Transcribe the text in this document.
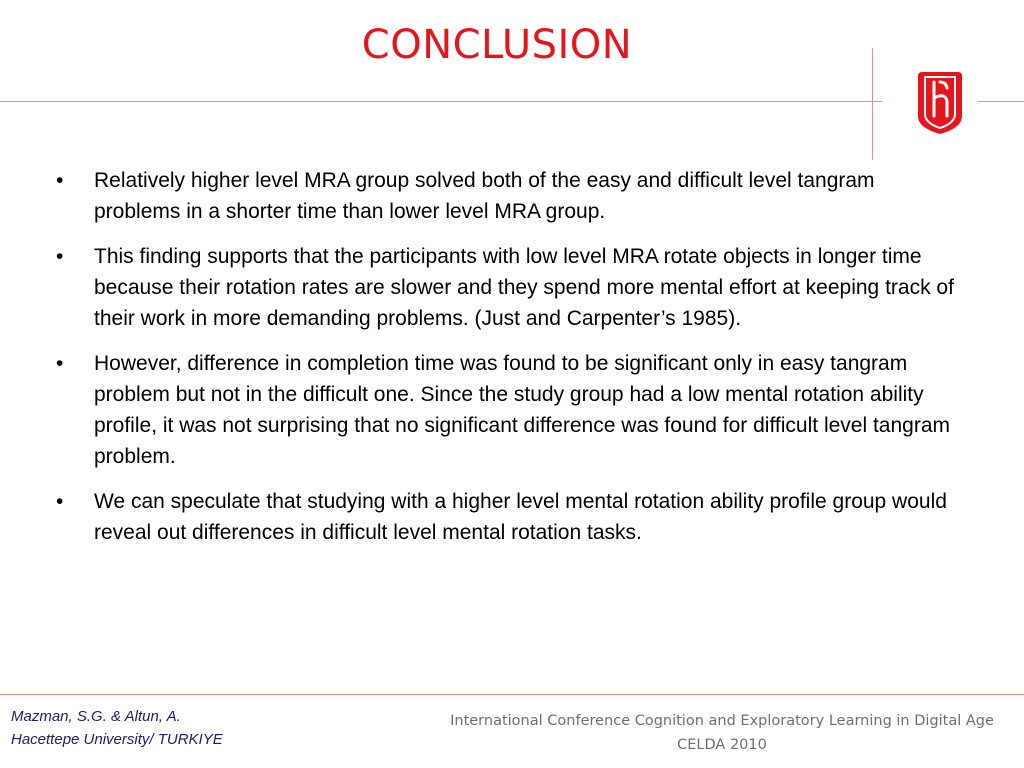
CONCLUSION
• Relatively higher level MRA group solved both of the easy and difficult level tangram problems in a shorter time than lower level MRA group.
• This finding supports that the participants with low level MRA rotate objects in longer time because their rotation rates are slower and they spend more mental effort at keeping track of their work in more demanding problems. (Just and Carpenter’s 1985).
• However, difference in completion time was found to be significant only in easy tangram problem but not in the difficult one. Since the study group had a low mental rotation ability profile, it was not surprising that no significant difference was found for difficult level tangram problem.
• We can speculate that studying with a higher level mental rotation ability profile group would reveal out differences in difficult level mental rotation tasks.
Mazman, S.G. & Altun, A.
Hacettepe University/ TURKIYE
International Conference Cognition and Exploratory Learning in Digital Age
CELDA 2010
